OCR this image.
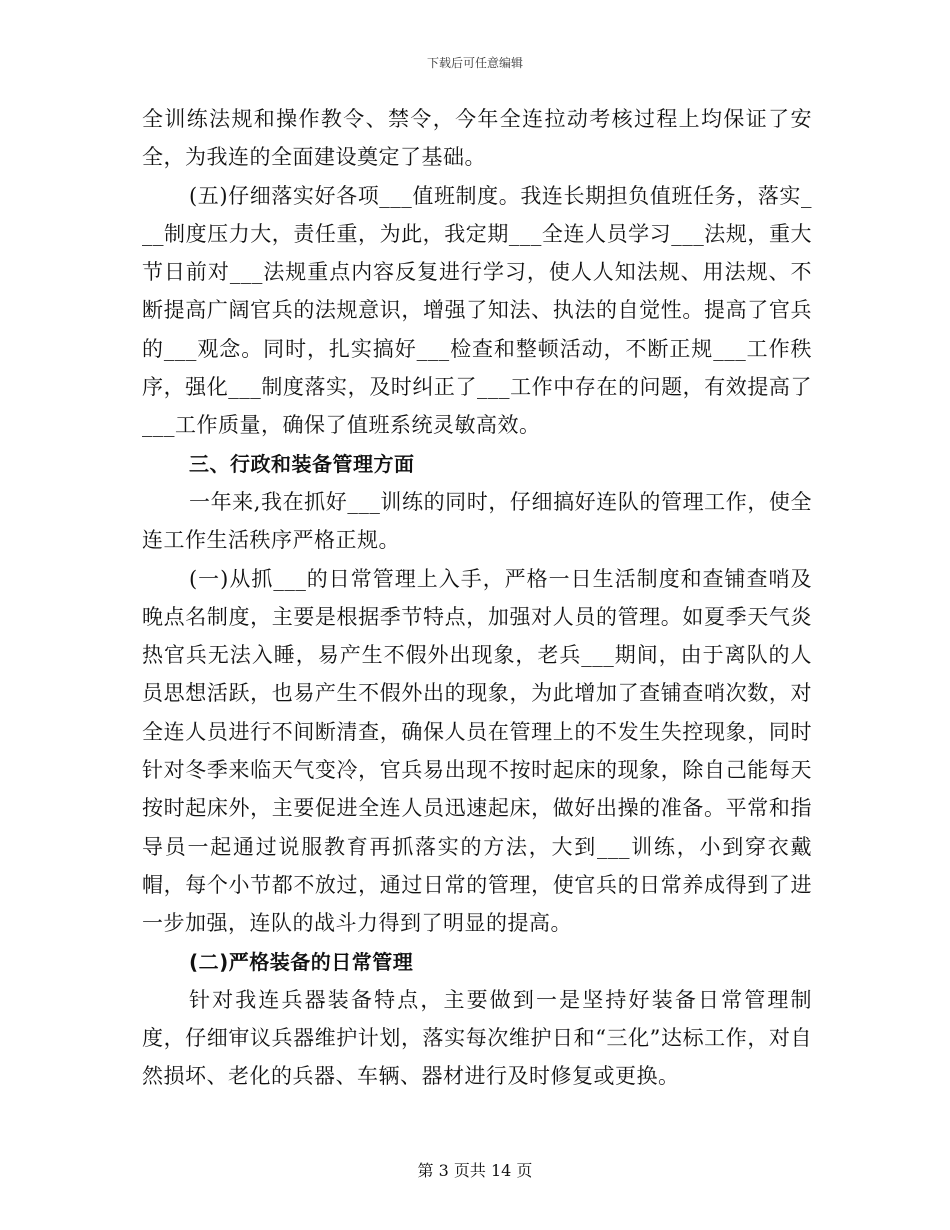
下载后可任意编辑

全训练法规和操作教令、禁令，今年全连拉动考核过程上均保证了安全，为我连的全面建设奠定了基础。

(五)仔细落实好各项___值班制度。我连长期担负值班任务，落实___制度压力大，责任重，为此，我定期___全连人员学习___法规，重大节日前对___法规重点内容反复进行学习，使人人知法规、用法规、不断提高广阔官兵的法规意识，增强了知法、执法的自觉性。提高了官兵的___观念。同时，扎实搞好___检查和整顿活动，不断正规___工作秩序，强化___制度落实，及时纠正了___工作中存在的问题，有效提高了___工作质量，确保了值班系统灵敏高效。

三、行政和装备管理方面

一年来,我在抓好___训练的同时，仔细搞好连队的管理工作，使全连工作生活秩序严格正规。

(一)从抓___的日常管理上入手，严格一日生活制度和查铺查哨及晚点名制度，主要是根据季节特点，加强对人员的管理。如夏季天气炎热官兵无法入睡，易产生不假外出现象，老兵___期间，由于离队的人员思想活跃，也易产生不假外出的现象，为此增加了查铺查哨次数，对全连人员进行不间断清查，确保人员在管理上的不发生失控现象，同时针对冬季来临天气变冷，官兵易出现不按时起床的现象，除自己能每天按时起床外，主要促进全连人员迅速起床，做好出操的准备。平常和指导员一起通过说服教育再抓落实的方法，大到___训练，小到穿衣戴帽，每个小节都不放过，通过日常的管理，使官兵的日常养成得到了进一步加强，连队的战斗力得到了明显的提高。

(二)严格装备的日常管理

针对我连兵器装备特点，主要做到一是坚持好装备日常管理制度，仔细审议兵器维护计划，落实每次维护日和“三化”达标工作，对自然损坏、老化的兵器、车辆、器材进行及时修复或更换。

第 3 页共 14 页
